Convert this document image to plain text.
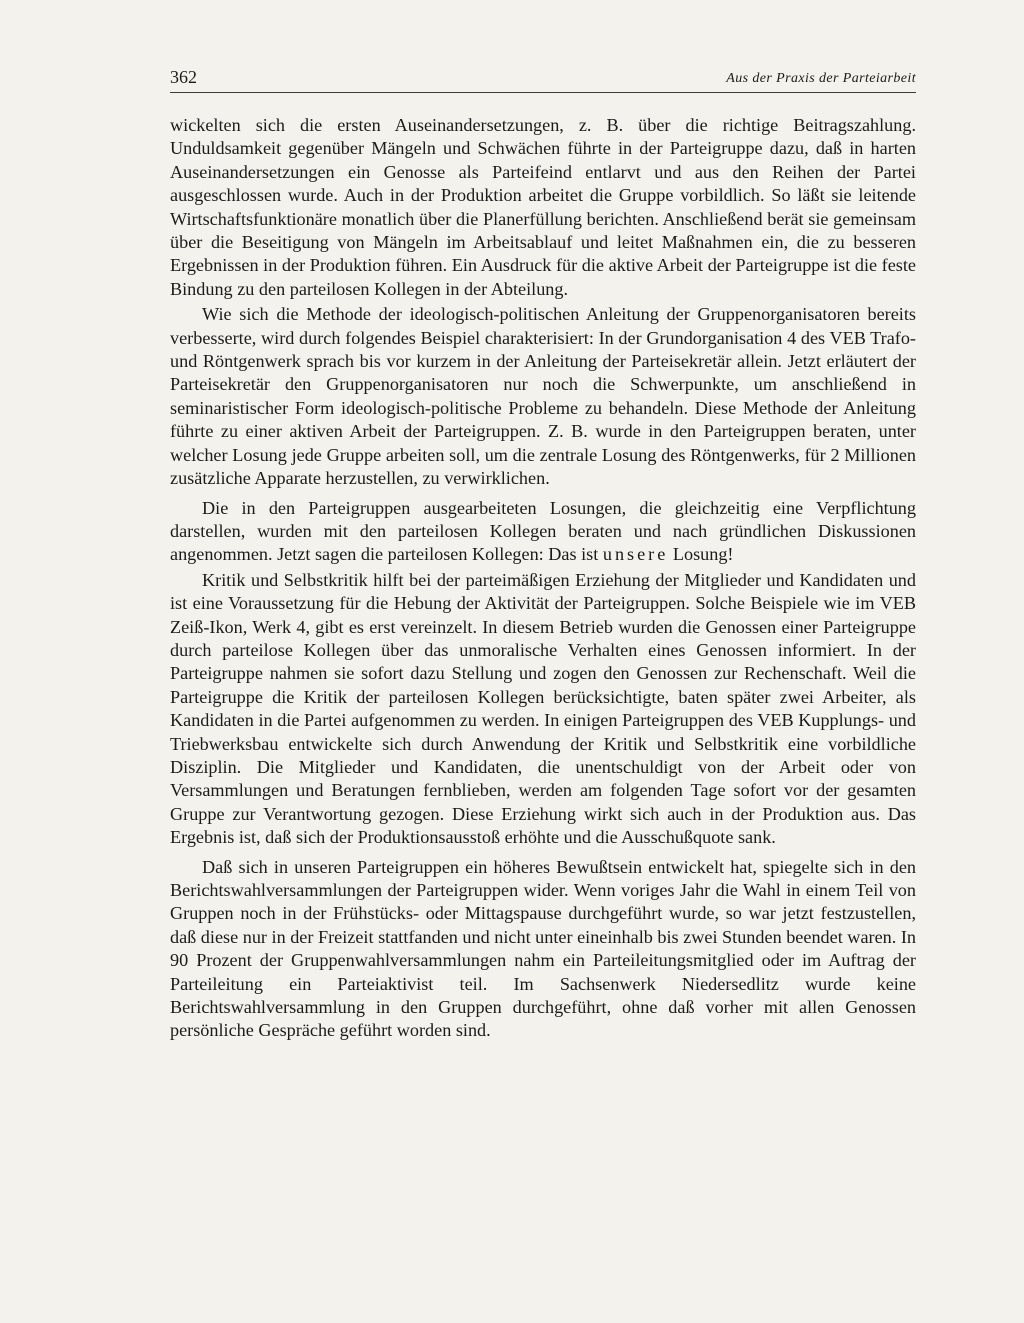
362	Aus der Praxis der Parteiarbeit

wickelten sich die ersten Auseinandersetzungen, z. B. über die richtige Beitragszahlung. Unduldsamkeit gegenüber Mängeln und Schwächen führte in der Parteigruppe dazu, daß in harten Auseinandersetzungen ein Genosse als Parteifeind entlarvt und aus den Reihen der Partei ausgeschlossen wurde. Auch in der Produktion arbeitet die Gruppe vorbildlich. So läßt sie leitende Wirtschaftsfunktionäre monatlich über die Planerfüllung berichten. Anschließend berät sie gemeinsam über die Beseitigung von Mängeln im Arbeitsablauf und leitet Maßnahmen ein, die zu besseren Ergebnissen in der Produktion führen. Ein Ausdruck für die aktive Arbeit der Parteigruppe ist die feste Bindung zu den parteilosen Kollegen in der Abteilung.

Wie sich die Methode der ideologisch-politischen Anleitung der Gruppenorganisatoren bereits verbesserte, wird durch folgendes Beispiel charakterisiert: In der Grundorganisation 4 des VEB Trafo- und Röntgenwerk sprach bis vor kurzem in der Anleitung der Parteisekretär allein. Jetzt erläutert der Parteisekretär den Gruppenorganisatoren nur noch die Schwerpunkte, um anschließend in seminaristischer Form ideologisch-politische Probleme zu behandeln. Diese Methode der Anleitung führte zu einer aktiven Arbeit der Parteigruppen. Z. B. wurde in den Parteigruppen beraten, unter welcher Losung jede Gruppe arbeiten soll, um die zentrale Losung des Röntgenwerks, für 2 Millionen zusätzliche Apparate herzustellen, zu verwirklichen.

Die in den Parteigruppen ausgearbeiteten Losungen, die gleichzeitig eine Verpflichtung darstellen, wurden mit den parteilosen Kollegen beraten und nach gründlichen Diskussionen angenommen. Jetzt sagen die parteilosen Kollegen: Das ist unsere Losung!

Kritik und Selbstkritik hilft bei der parteimäßigen Erziehung der Mitglieder und Kandidaten und ist eine Voraussetzung für die Hebung der Aktivität der Parteigruppen. Solche Beispiele wie im VEB Zeiß-Ikon, Werk 4, gibt es erst vereinzelt. In diesem Betrieb wurden die Genossen einer Parteigruppe durch parteilose Kollegen über das unmoralische Verhalten eines Genossen informiert. In der Parteigruppe nahmen sie sofort dazu Stellung und zogen den Genossen zur Rechenschaft. Weil die Parteigruppe die Kritik der parteilosen Kollegen berücksichtigte, baten später zwei Arbeiter, als Kandidaten in die Partei aufgenommen zu werden. In einigen Parteigruppen des VEB Kupplungs- und Triebwerksbau entwickelte sich durch Anwendung der Kritik und Selbstkritik eine vorbildliche Disziplin. Die Mitglieder und Kandidaten, die unentschuldigt von der Arbeit oder von Versammlungen und Beratungen fernblieben, werden am folgenden Tage sofort vor der gesamten Gruppe zur Verantwortung gezogen. Diese Erziehung wirkt sich auch in der Produktion aus. Das Ergebnis ist, daß sich der Produktionsausstoß erhöhte und die Ausschußquote sank.

Daß sich in unseren Parteigruppen ein höheres Bewußtsein entwickelt hat, spiegelte sich in den Berichtswahlversammlungen der Parteigruppen wider. Wenn voriges Jahr die Wahl in einem Teil von Gruppen noch in der Frühstücks- oder Mittagspause durchgeführt wurde, so war jetzt festzustellen, daß diese nur in der Freizeit stattfanden und nicht unter eineinhalb bis zwei Stunden beendet waren. In 90 Prozent der Gruppenwahlversammlungen nahm ein Parteileitungsmitglied oder im Auftrag der Parteileitung ein Parteiaktivist teil. Im Sachsenwerk Niedersedlitz wurde keine Berichtswahlversammlung in den Gruppen durchgeführt, ohne daß vorher mit allen Genossen persönliche Gespräche geführt worden sind.
